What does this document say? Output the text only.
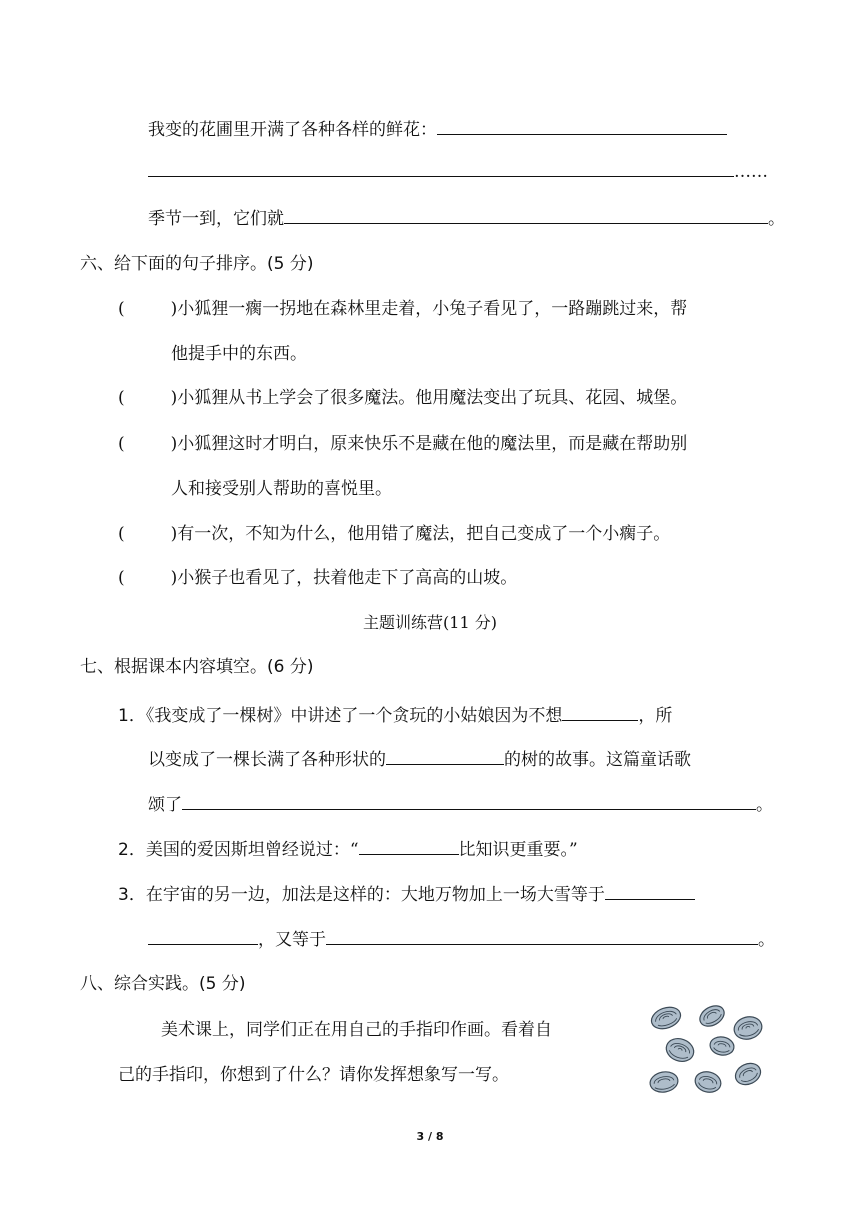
我变的花圃里开满了各种各样的鲜花：
……
季节一到，它们就	。
六、给下面的句子排序。(5 分)
(	)小狐狸一瘸一拐地在森林里走着，小兔子看见了，一路蹦跳过来，帮
他提手中的东西。
(	)小狐狸从书上学会了很多魔法。他用魔法变出了玩具、花园、城堡。
(	)小狐狸这时才明白，原来快乐不是藏在他的魔法里，而是藏在帮助别
人和接受别人帮助的喜悦里。
(	)有一次，不知为什么，他用错了魔法，把自己变成了一个小瘸子。
(	)小猴子也看见了，扶着他走下了高高的山坡。
主题训练营(11 分)
七、根据课本内容填空。(6 分)
1．《我变成了一棵树》中讲述了一个贪玩的小姑娘因为不想	，所
以变成了一棵长满了各种形状的	的树的故事。这篇童话歌
颂了	。
2．美国的爱因斯坦曾经说过：“	比知识更重要。”
3．在宇宙的另一边，加法是这样的：大地万物加上一场大雪等于
，又等于	。
八、综合实践。(5 分)
美术课上，同学们正在用自己的手指印作画。看着自
己的手指印，你想到了什么？请你发挥想象写一写。
3 / 8
